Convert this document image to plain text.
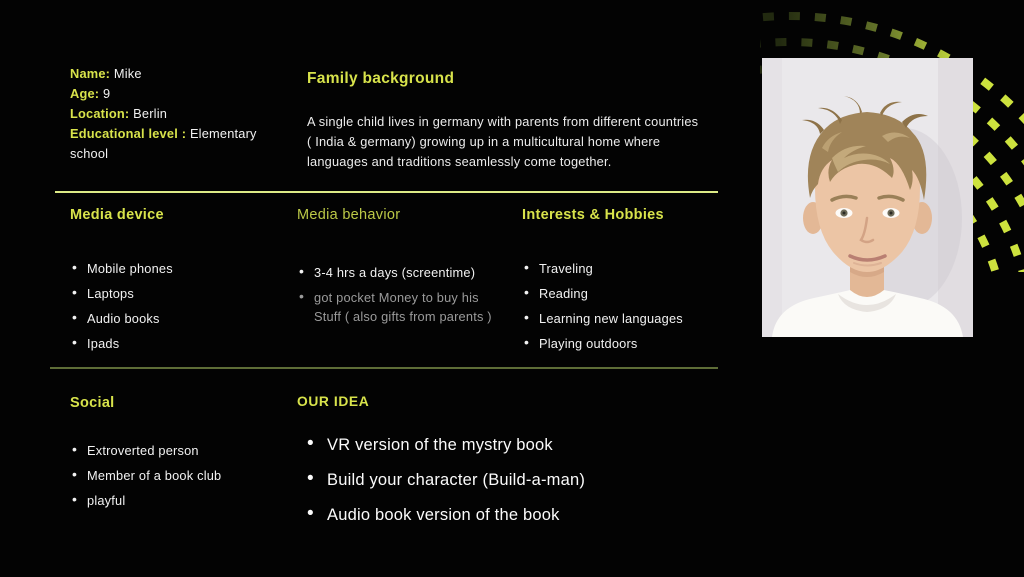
Name: Mike
Age: 9
Location: Berlin
Educational level : Elementary school
Family background

A single child lives in germany with parents from different countries ( India & germany) growing up in a multicultural home where languages and traditions seamlessly come together.

Media device
• Mobile phones
• Laptops
• Audio books
• Ipads
Media behavior
• 3-4 hrs a days (screentime)
• got pocket Money to buy his Stuff ( also gifts from parents )
Interests & Hobbies
• Traveling
• Reading
• Learning new languages
• Playing outdoors
Social
• Extroverted person
• Member of a book club
• playful
OUR IDEA
• VR version of the mystry book
• Build your character (Build-a-man)
• Audio book version of the book
